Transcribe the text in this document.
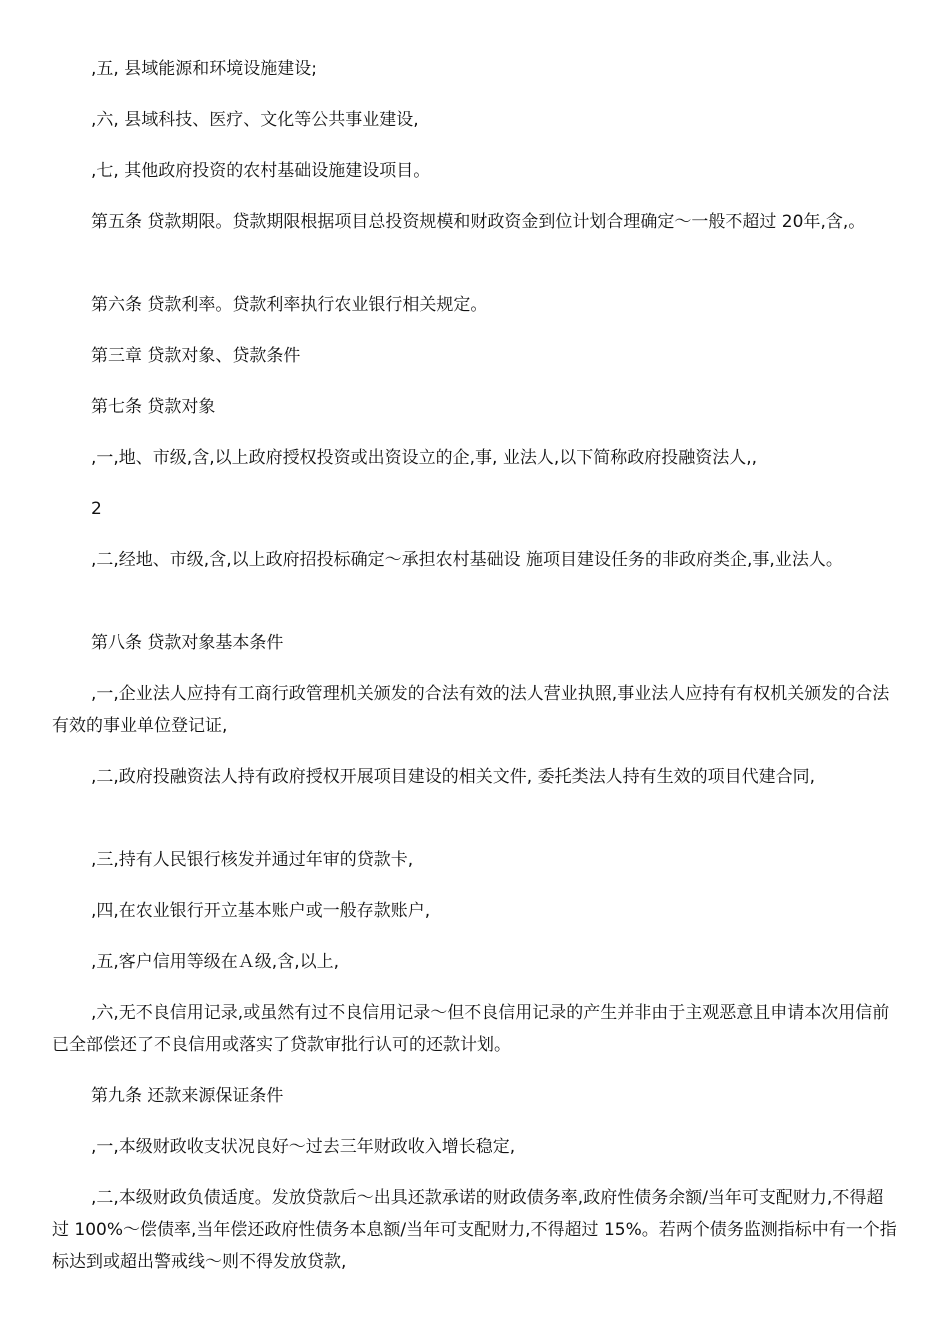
,五, 县域能源和环境设施建设;

,六, 县域科技、医疗、文化等公共事业建设,

,七, 其他政府投资的农村基础设施建设项目。

第五条 贷款期限。贷款期限根据项目总投资规模和财政资金到位计划合理确定～一般不超过 20年,含,。

第六条 贷款利率。贷款利率执行农业银行相关规定。

第三章 贷款对象、贷款条件

第七条 贷款对象

,一,地、市级,含,以上政府授权投资或出资设立的企,事, 业法人,以下简称政府投融资法人,,

2

,二,经地、市级,含,以上政府招投标确定～承担农村基础设 施项目建设任务的非政府类企,事,业法人。

第八条 贷款对象基本条件

,一,企业法人应持有工商行政管理机关颁发的合法有效的法人营业执照,事业法人应持有有权机关颁发的合法有效的事业单位登记证,

,二,政府投融资法人持有政府授权开展项目建设的相关文件, 委托类法人持有生效的项目代建合同,

,三,持有人民银行核发并通过年审的贷款卡,

,四,在农业银行开立基本账户或一般存款账户,

,五,客户信用等级在Ａ级,含,以上,

,六,无不良信用记录,或虽然有过不良信用记录～但不良信用记录的产生并非由于主观恶意且申请本次用信前已全部偿还了不良信用或落实了贷款审批行认可的还款计划。

第九条 还款来源保证条件

,一,本级财政收支状况良好～过去三年财政收入增长稳定,

,二,本级财政负债适度。发放贷款后～出具还款承诺的财政债务率,政府性债务余额/当年可支配财力,不得超过 100%～偿债率,当年偿还政府性债务本息额/当年可支配财力,不得超过 15%。若两个债务监测指标中有一个指标达到或超出警戒线～则不得发放贷款,
